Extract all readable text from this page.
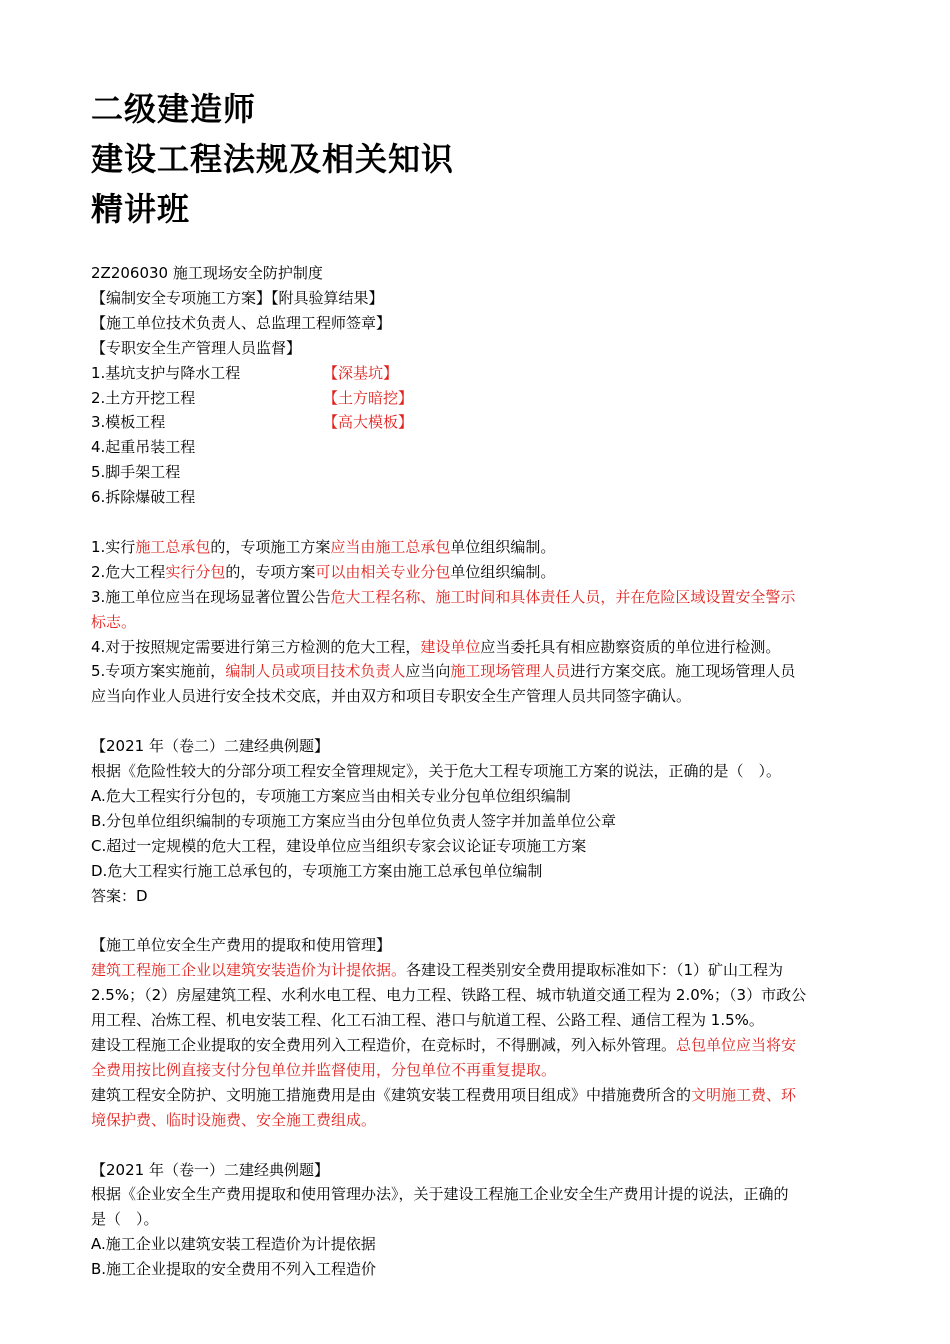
二级建造师
建设工程法规及相关知识
精讲班
2Z206030 施工现场安全防护制度
【编制安全专项施工方案】【附具验算结果】
【施工单位技术负责人、总监理工程师签章】
【专职安全生产管理人员监督】
1.基坑支护与降水工程	【深基坑】
2.土方开挖工程	【土方暗挖】
3.模板工程	【高大模板】
4.起重吊装工程
5.脚手架工程
6.拆除爆破工程
1.实行施工总承包的，专项施工方案应当由施工总承包单位组织编制。
2.危大工程实行分包的，专项方案可以由相关专业分包单位组织编制。
3.施工单位应当在现场显著位置公告危大工程名称、施工时间和具体责任人员，并在危险区域设置安全警示
标志。
4.对于按照规定需要进行第三方检测的危大工程，建设单位应当委托具有相应勘察资质的单位进行检测。
5.专项方案实施前，编制人员或项目技术负责人应当向施工现场管理人员进行方案交底。施工现场管理人员
应当向作业人员进行安全技术交底，并由双方和项目专职安全生产管理人员共同签字确认。
【2021 年（卷二）二建经典例题】
根据《危险性较大的分部分项工程安全管理规定》，关于危大工程专项施工方案的说法，正确的是（　）。
A.危大工程实行分包的，专项施工方案应当由相关专业分包单位组织编制
B.分包单位组织编制的专项施工方案应当由分包单位负责人签字并加盖单位公章
C.超过一定规模的危大工程，建设单位应当组织专家会议论证专项施工方案
D.危大工程实行施工总承包的，专项施工方案由施工总承包单位编制
答案：D
【施工单位安全生产费用的提取和使用管理】
建筑工程施工企业以建筑安装造价为计提依据。各建设工程类别安全费用提取标准如下：（1）矿山工程为
2.5%；（2）房屋建筑工程、水利水电工程、电力工程、铁路工程、城市轨道交通工程为 2.0%；（3）市政公
用工程、冶炼工程、机电安装工程、化工石油工程、港口与航道工程、公路工程、通信工程为 1.5%。
建设工程施工企业提取的安全费用列入工程造价，在竞标时，不得删减，列入标外管理。总包单位应当将安
全费用按比例直接支付分包单位并监督使用，分包单位不再重复提取。
建筑工程安全防护、文明施工措施费用是由《建筑安装工程费用项目组成》中措施费所含的文明施工费、环
境保护费、临时设施费、安全施工费组成。
【2021 年（卷一）二建经典例题】
根据《企业安全生产费用提取和使用管理办法》，关于建设工程施工企业安全生产费用计提的说法，正确的
是（　）。
A.施工企业以建筑安装工程造价为计提依据
B.施工企业提取的安全费用不列入工程造价
